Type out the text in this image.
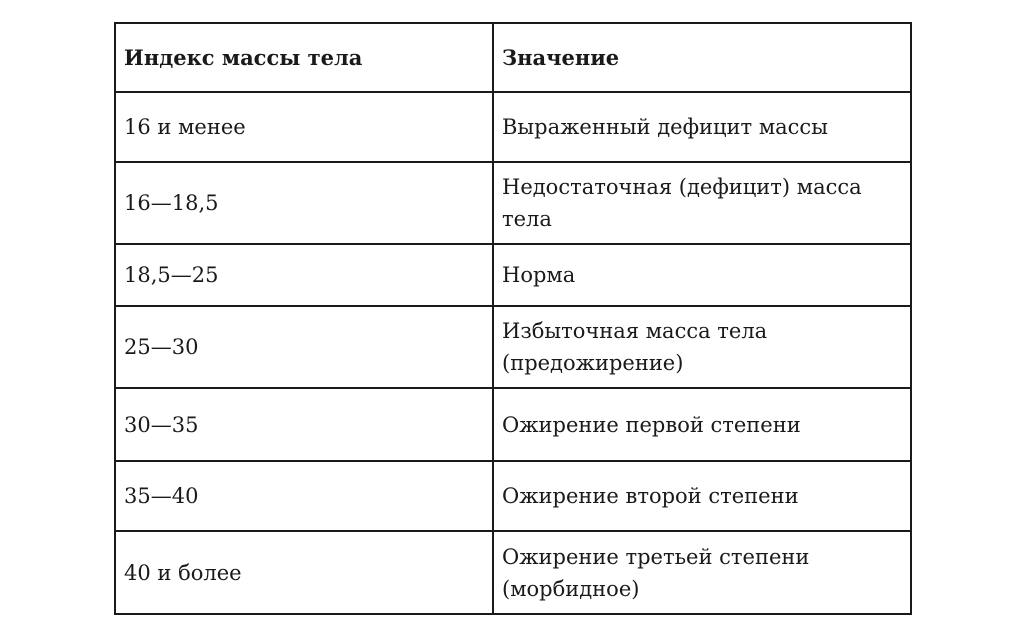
Индекс массы тела	Значение
16 и менее	Выраженный дефицит массы
16—18,5	Недостаточная (дефицит) масса тела
18,5—25	Норма
25—30	Избыточная масса тела (предожирение)
30—35	Ожирение первой степени
35—40	Ожирение второй степени
40 и более	Ожирение третьей степени (морбидное)
